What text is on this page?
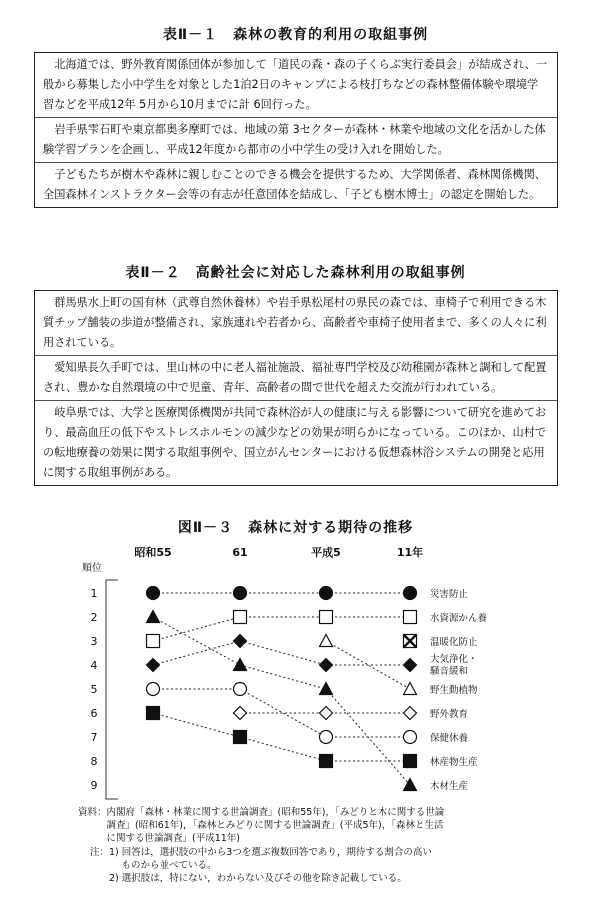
表Ⅱ－１　森林の教育的利用の取組事例
北海道では、野外教育関係団体が参加して「道民の森・森の子くらぶ実行委員会」が結成され、一般から募集した小中学生を対象とした1泊2日のキャンプによる枝打ちなどの森林整備体験や環境学習などを平成12年 5月から10月までに計 6回行った。
岩手県雫石町や東京都奥多摩町では、地域の第 3セクターが森林・林業や地域の文化を活かした体験学習プランを企画し、平成12年度から都市の小中学生の受け入れを開始した。
子どもたちが樹木や森林に親しむことのできる機会を提供するため、大学関係者、森林関係機関、全国森林インストラクター会等の有志が任意団体を結成し、「子ども樹木博士」の認定を開始した。
表Ⅱ－２　高齢社会に対応した森林利用の取組事例
群馬県水上町の国有林（武尊自然休養林）や岩手県松尾村の県民の森では、車椅子で利用できる木質チップ舗装の歩道が整備され、家族連れや若者から、高齢者や車椅子使用者まで、多くの人々に利用されている。
愛知県長久手町では、里山林の中に老人福祉施設、福祉専門学校及び幼稚園が森林と調和して配置され、豊かな自然環境の中で児童、青年、高齢者の間で世代を超えた交流が行われている。
岐阜県では、大学と医療関係機関が共同で森林浴が人の健康に与える影響について研究を進めており、最高血圧の低下やストレスホルモンの減少などの効果が明らかになっている。このほか、山村での転地療養の効果に関する取組事例や、国立がんセンターにおける仮想森林浴システムの開発と応用に関する取組事例がある。
図Ⅱ－３　森林に対する期待の推移
昭和55	61	平成5	11年
順位
1
2
3
4
5
6
7
8
9
災害防止
水資源かん養
温暖化防止
大気浄化・
騒音緩和
野生動植物
野外教育
保健休養
林産物生産
木材生産
資料：内閣府「森林・林業に関する世論調査」(昭和55年)，「みどりと木に関する世論
　　　調査」(昭和61年)，「森林とみどりに関する世論調査」(平成5年)，「森林と生活
　　　に関する世論調査」(平成11年)
注：1) 回答は，選択肢の中から3つを選ぶ複数回答であり，期待する割合の高い
　　　 ものから並べている。
　　2) 選択肢は，特にない，わからない及びその他を除き記載している。
